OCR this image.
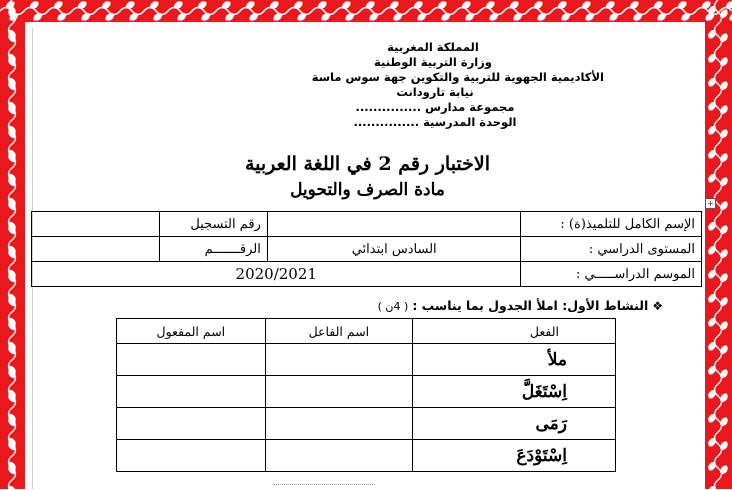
المملكة المغربية
وزارة التربية الوطنية
الأكاديمية الجهوية للتربية والتكوين جهة سوس ماسة
نيابة تارودانت
مجموعة مدارس ...............
الوحدة المدرسية ...............
الاختبار رقم 2 في اللغة العربية
مادة الصرف والتحويل
الإسم الكامل للتلميذ(ة) :		رقم التسجيل	
المستوى الدراسي :	السادس ابتدائي	الرقـــــــم	
الموسم الدراســـــي :	2020/2021		
❖النشاط الأول: املأ الجدول بما يناسب :( 4ن )
الفعل	اسم الفاعل	اسم المفعول
ملأ		
اِسْتَغَلَّ		
رَمَى		
اِسْتَوْدَعَ		
+
